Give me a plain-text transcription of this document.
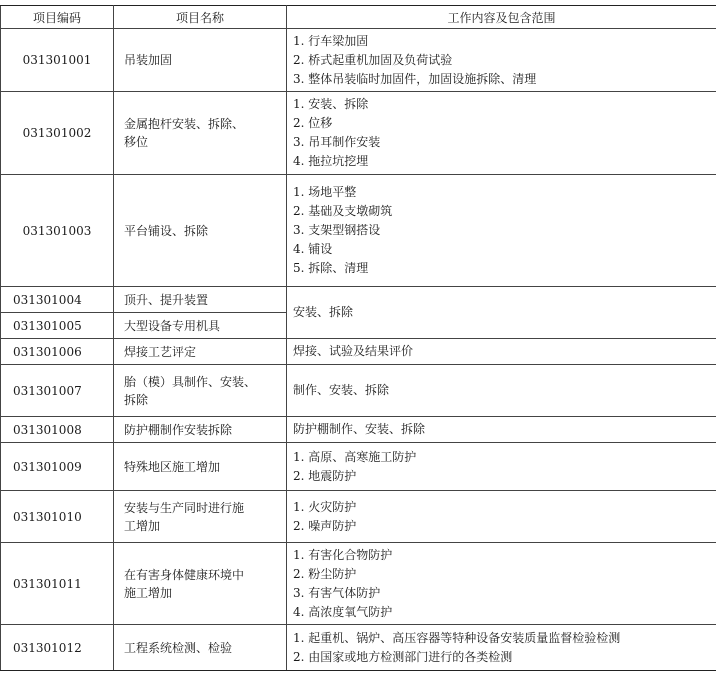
项目编码	项目名称	工作内容及包含范围
031301001	吊装加固	1. 行车梁加固
2. 桥式起重机加固及负荷试验
3. 整体吊装临时加固件，加固设施拆除、清理

031301002	金属抱杆安装、拆除、
移位	1. 安装、拆除
2. 位移
3. 吊耳制作安装
4. 拖拉坑挖埋

031301003	平台铺设、拆除	1. 场地平整
2. 基础及支墩砌筑
3. 支架型钢搭设
4. 铺设
5. 拆除、清理

031301004	顶升、提升装置	安装、拆除

031301005	大型设备专用机具	

031301006	焊接工艺评定	焊接、试验及结果评价

031301007	胎（模）具制作、安装、
拆除	制作、安装、拆除

031301008	防护棚制作安装拆除	防护棚制作、安装、拆除

031301009	特殊地区施工增加	1. 高原、高寒施工防护
2. 地震防护

031301010	安装与生产同时进行施
工增加	1. 火灾防护
2. 噪声防护

031301011	在有害身体健康环境中
施工增加	1. 有害化合物防护
2. 粉尘防护
3. 有害气体防护
4. 高浓度氧气防护

031301012	工程系统检测、检验	1. 起重机、锅炉、高压容器等特种设备安装质量监督检验检测
2. 由国家或地方检测部门进行的各类检测
